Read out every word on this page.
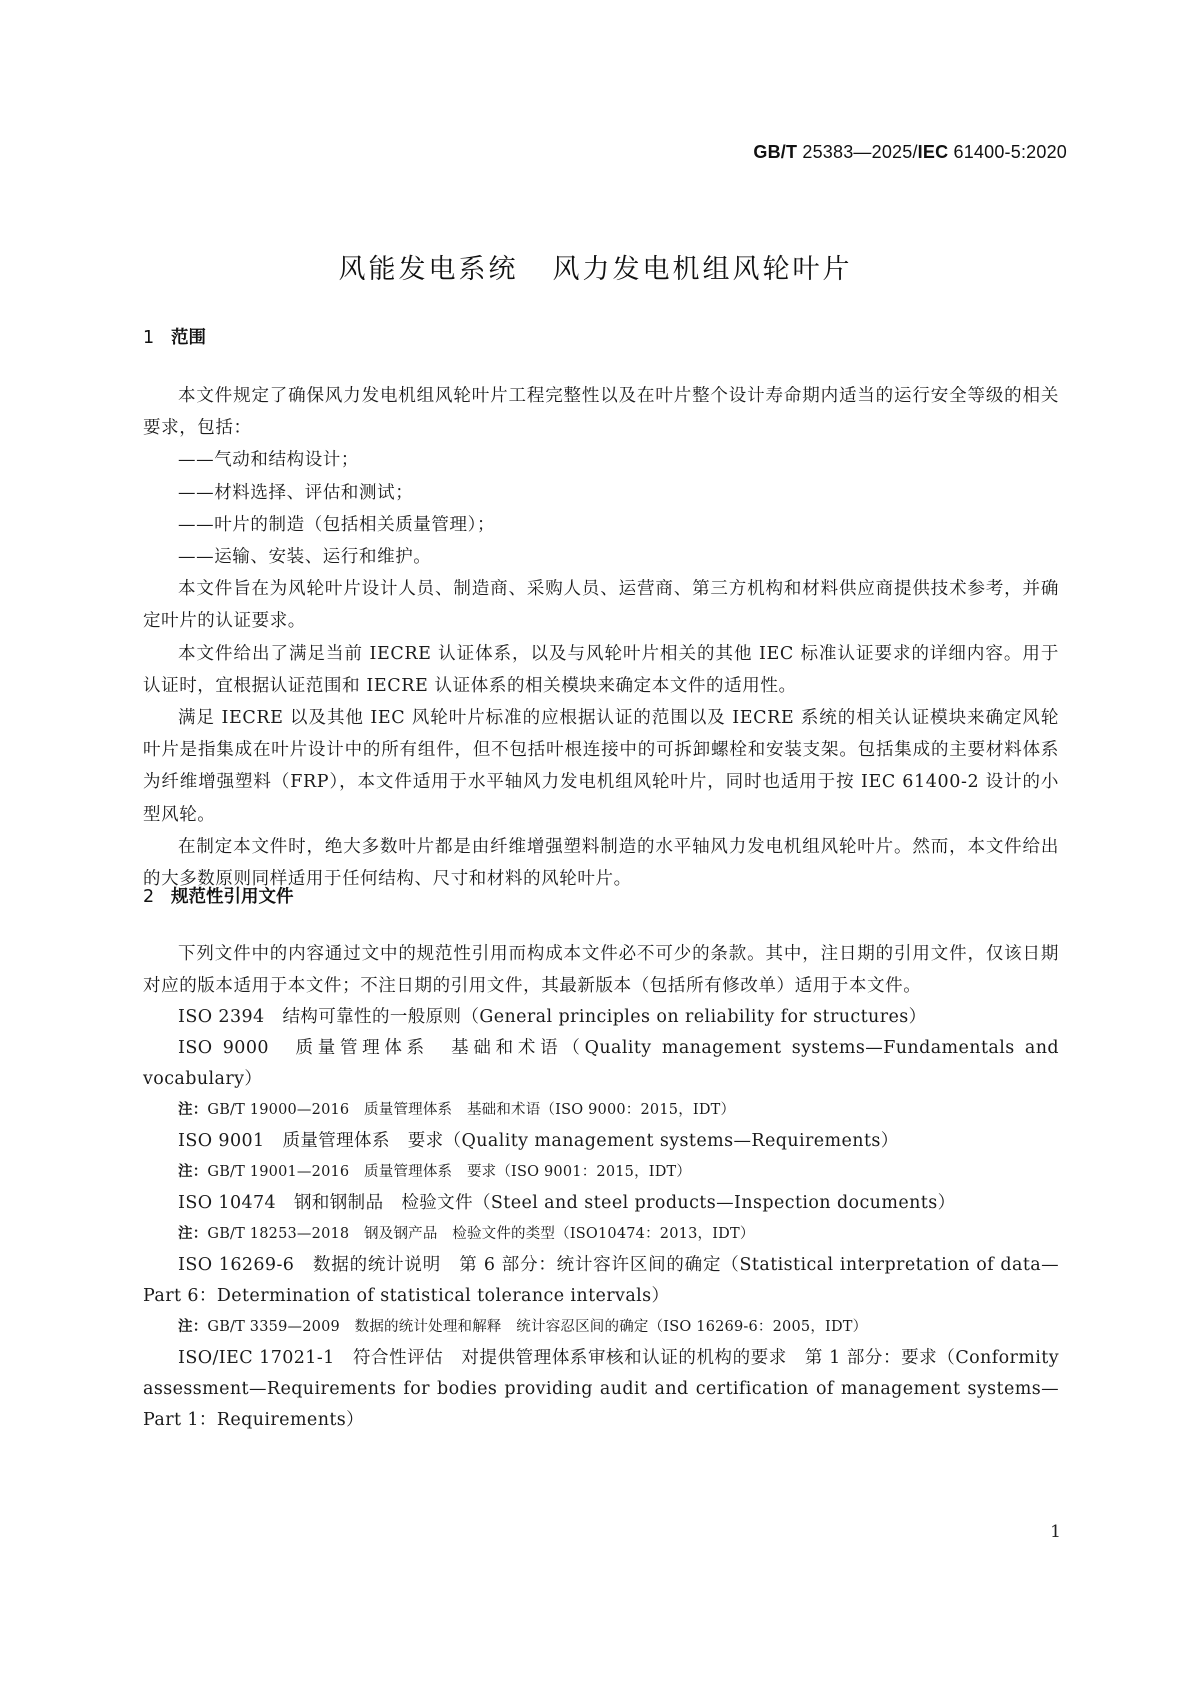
GB/T 25383—2025/IEC 61400-5:2020
风能发电系统 风力发电机组风轮叶片
1 范围

本文件规定了确保风力发电机组风轮叶片工程完整性以及在叶片整个设计寿命期内适当的运行安全等级的相关要求，包括：

——气动和结构设计；

——材料选择、评估和测试；

——叶片的制造（包括相关质量管理）；

——运输、安装、运行和维护。

本文件旨在为风轮叶片设计人员、制造商、采购人员、运营商、第三方机构和材料供应商提供技术参考，并确定叶片的认证要求。

本文件给出了满足当前 IECRE 认证体系，以及与风轮叶片相关的其他 IEC 标准认证要求的详细内容。用于认证时，宜根据认证范围和 IECRE 认证体系的相关模块来确定本文件的适用性。

满足 IECRE 以及其他 IEC 风轮叶片标准的应根据认证的范围以及 IECRE 系统的相关认证模块来确定风轮叶片是指集成在叶片设计中的所有组件，但不包括叶根连接中的可拆卸螺栓和安装支架。包括集成的主要材料体系为纤维增强塑料（FRP），本文件适用于水平轴风力发电机组风轮叶片，同时也适用于按 IEC 61400-2 设计的小型风轮。

在制定本文件时，绝大多数叶片都是由纤维增强塑料制造的水平轴风力发电机组风轮叶片。然而，本文件给出的大多数原则同样适用于任何结构、尺寸和材料的风轮叶片。

2 规范性引用文件

下列文件中的内容通过文中的规范性引用而构成本文件必不可少的条款。其中，注日期的引用文件，仅该日期对应的版本适用于本文件；不注日期的引用文件，其最新版本（包括所有修改单）适用于本文件。

ISO 2394　结构可靠性的一般原则（General principles on reliability for structures）

ISO 9000　质量管理体系　基础和术语（Quality management systems—Fundamentals and vocabulary）

注：GB/T 19000—2016　质量管理体系　基础和术语（ISO 9000：2015，IDT）

ISO 9001　质量管理体系　要求（Quality management systems—Requirements）

注：GB/T 19001—2016　质量管理体系　要求（ISO 9001：2015，IDT）

ISO 10474　钢和钢制品　检验文件（Steel and steel products—Inspection documents）

注：GB/T 18253—2018　钢及钢产品　检验文件的类型（ISO10474：2013，IDT）

ISO 16269-6　数据的统计说明　第 6 部分：统计容许区间的确定（Statistical interpretation of data—Part 6：Determination of statistical tolerance intervals）

注：GB/T 3359—2009　数据的统计处理和解释　统计容忍区间的确定（ISO 16269-6：2005，IDT）

ISO/IEC 17021-1　符合性评估　对提供管理体系审核和认证的机构的要求　第 1 部分：要求（Conformity assessment—Requirements for bodies providing audit and certification of management systems—Part 1：Requirements）

1
